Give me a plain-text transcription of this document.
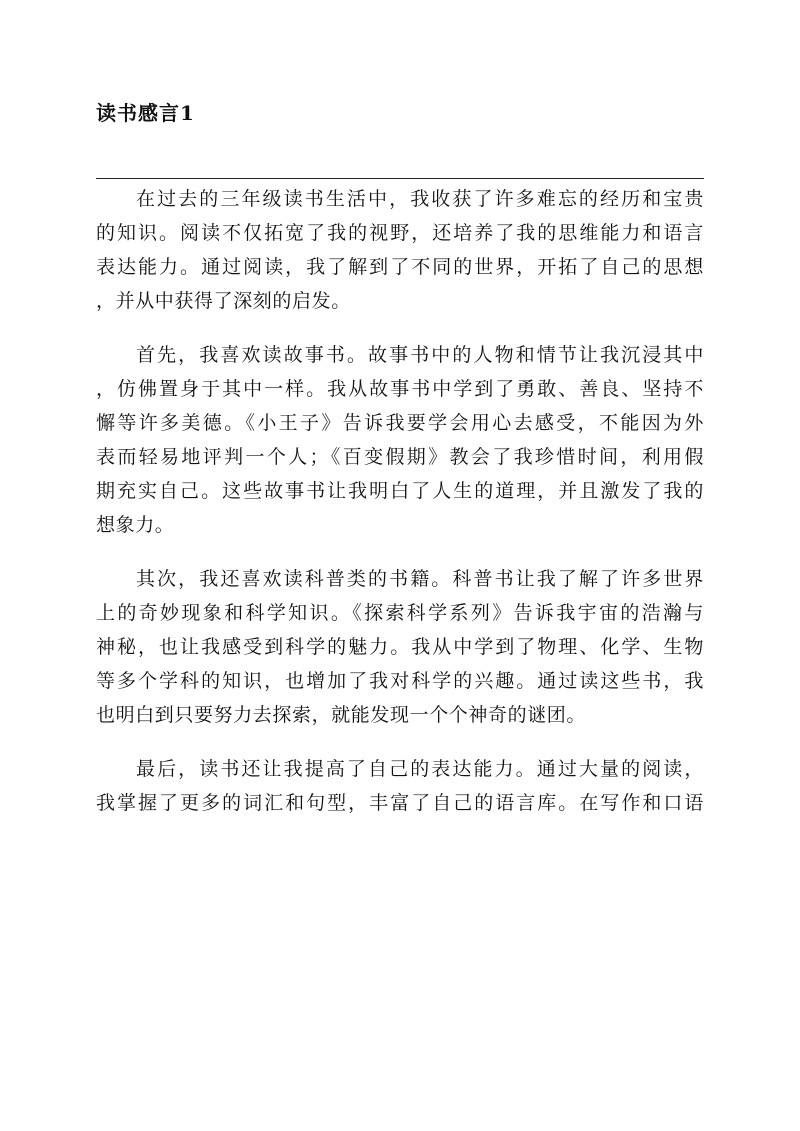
读书感言1

在过去的三年级读书生活中，我收获了许多难忘的经历和宝贵
的知识。阅读不仅拓宽了我的视野，还培养了我的思维能力和语言
表达能力。通过阅读，我了解到了不同的世界，开拓了自己的思想
，并从中获得了深刻的启发。

首先，我喜欢读故事书。故事书中的人物和情节让我沉浸其中
，仿佛置身于其中一样。我从故事书中学到了勇敢、善良、坚持不
懈等许多美德。《小王子》告诉我要学会用心去感受，不能因为外
表而轻易地评判一个人；《百变假期》教会了我珍惜时间，利用假
期充实自己。这些故事书让我明白了人生的道理，并且激发了我的
想象力。

其次，我还喜欢读科普类的书籍。科普书让我了解了许多世界
上的奇妙现象和科学知识。《探索科学系列》告诉我宇宙的浩瀚与
神秘，也让我感受到科学的魅力。我从中学到了物理、化学、生物
等多个学科的知识，也增加了我对科学的兴趣。通过读这些书，我
也明白到只要努力去探索，就能发现一个个神奇的谜团。

最后，读书还让我提高了自己的表达能力。通过大量的阅读，
我掌握了更多的词汇和句型，丰富了自己的语言库。在写作和口语
